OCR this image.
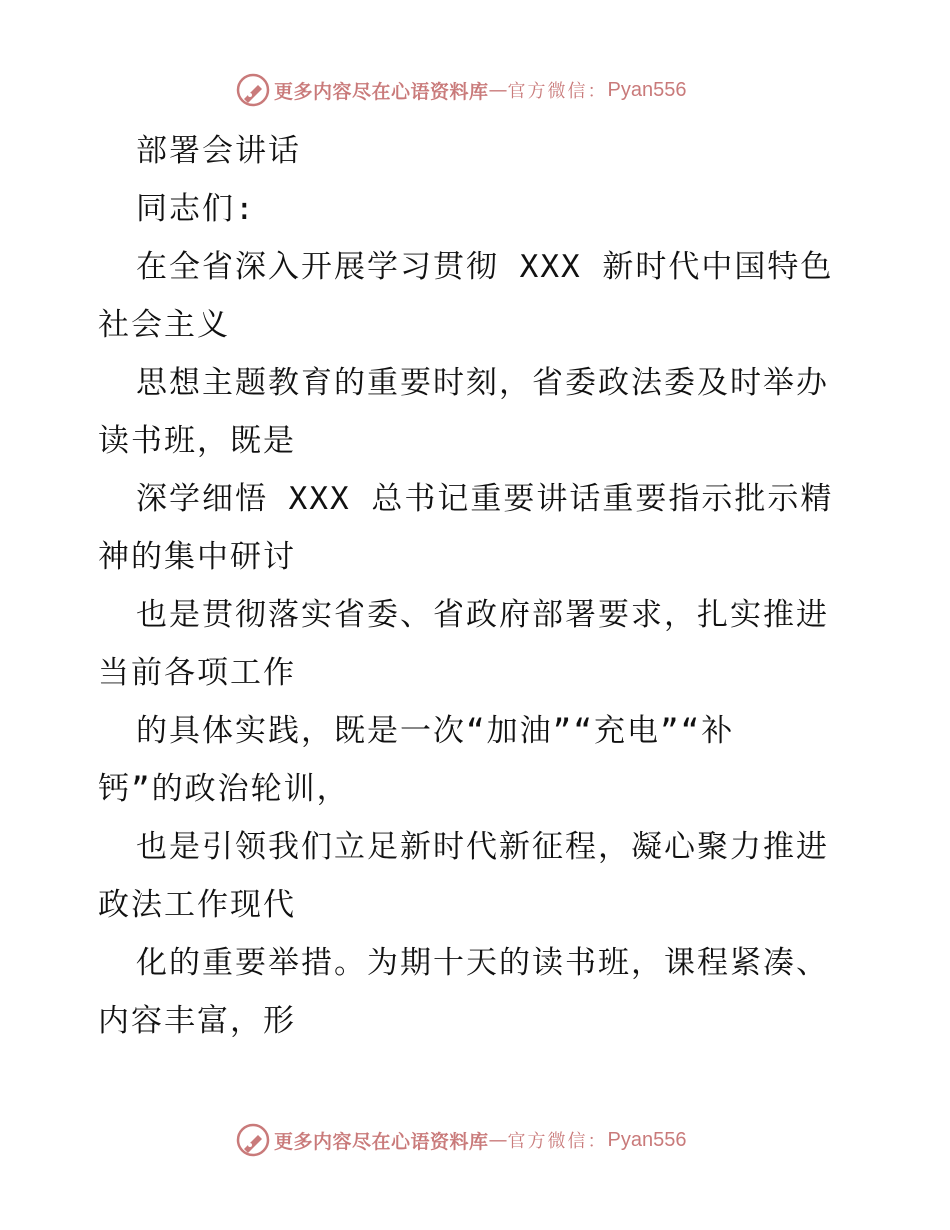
更多内容尽在心语资料库 — 官方微信： Pyan556
部署会讲话
同志们:
在全省深入开展学习贯彻 XXX 新时代中国特色
社会主义
思想主题教育的重要时刻，省委政法委及时举办
读书班，既是
深学细悟 XXX 总书记重要讲话重要指示批示精
神的集中研讨
也是贯彻落实省委、省政府部署要求，扎实推进
当前各项工作
的具体实践，既是一次“加油”“充电”“补
钙”的政治轮训，
也是引领我们立足新时代新征程，凝心聚力推进
政法工作现代
化的重要举措。为期十天的读书班，课程紧凑、
内容丰富，形
更多内容尽在心语资料库 — 官方微信： Pyan556
